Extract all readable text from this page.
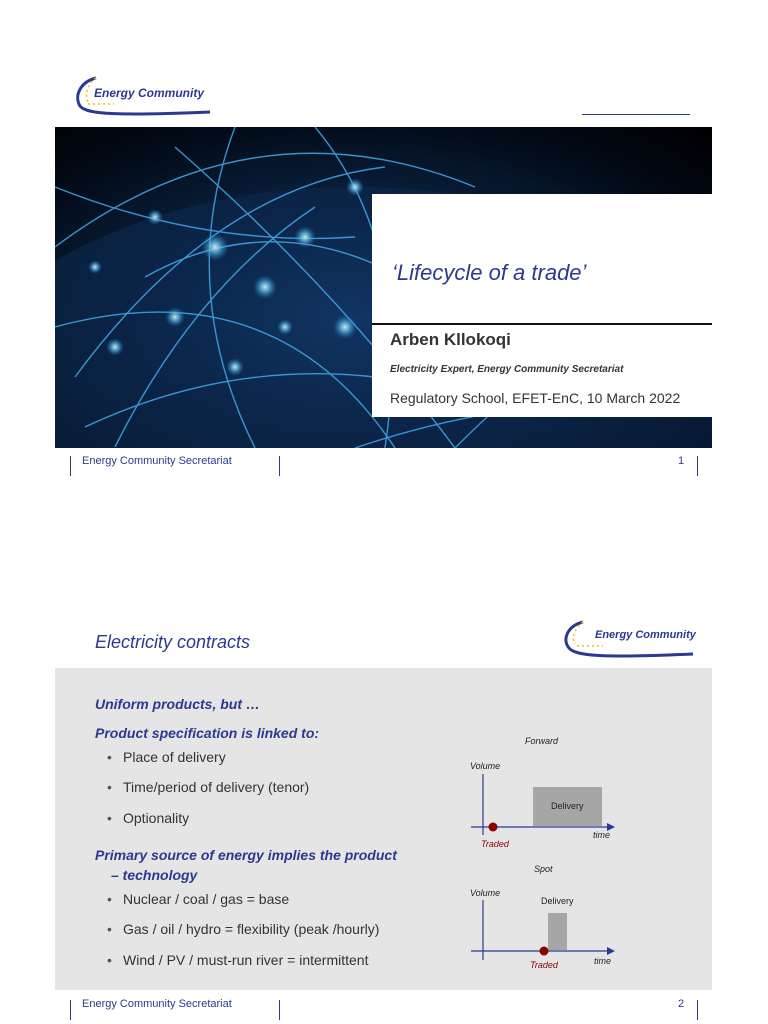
Energy Community
‘Lifecycle of a trade’
Arben Kllokoqi
Electricity Expert, Energy Community Secretariat
Regulatory School, EFET-EnC, 10 March 2022
Energy Community Secretariat	1
Electricity contracts	Energy Community
Uniform products, but …
Product specification is linked to:
• Place of delivery
• Time/period of delivery (tenor)
• Optionality
Primary source of energy implies the product
– technology
• Nuclear / coal / gas = base
• Gas / oil / hydro = flexibility (peak /hourly)
• Wind / PV / must-run river = intermittent
Forward
Volume
Delivery
time
Traded
Spot
Volume
Delivery
time
Traded
Energy Community Secretariat	2
